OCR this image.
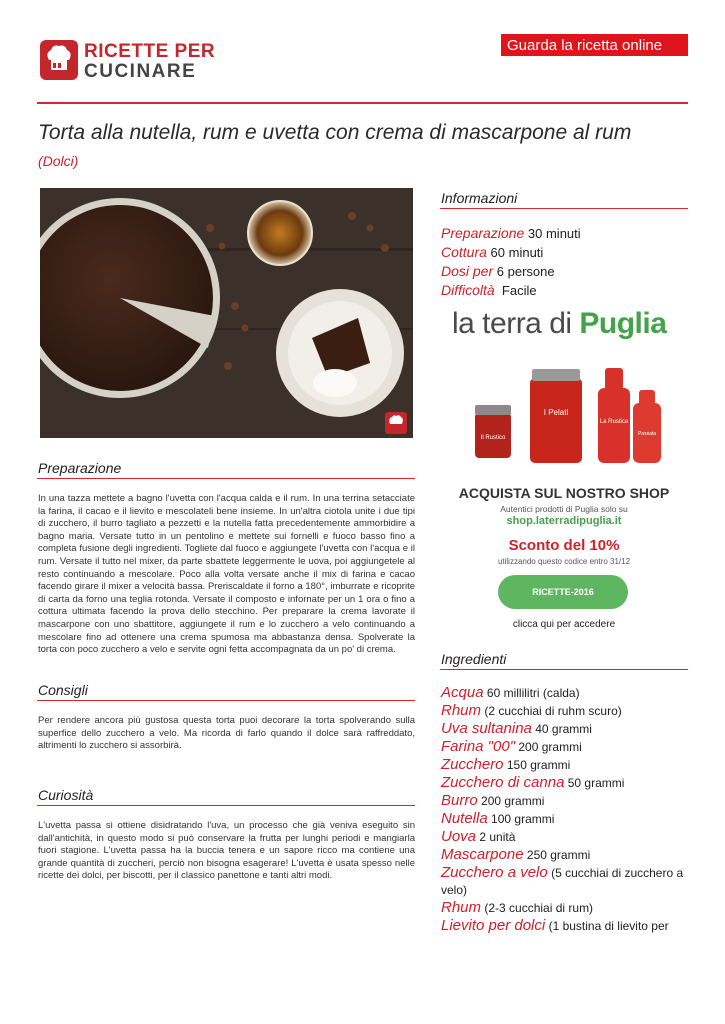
RICETTE PER
CUCINARE
Guarda la ricetta online
Torta alla nutella, rum e uvetta con crema di mascarpone al rum
(Dolci)
Preparazione
In una tazza mettete a bagno l'uvetta con l'acqua calda e il rum. In una terrina setacciate la farina, il cacao e il lievito e mescolateli bene insieme. In un'altra ciotola unite i due tipi di zucchero, il burro tagliato a pezzetti e la nutella fatta precedentemente ammorbidire a bagno maria. Versate tutto in un pentolino e mettete sui fornelli e fuoco basso fino a completa fusione degli ingredienti. Togliete dal fuoco e aggiungete l'uvetta con l'acqua e il rum. Versate il tutto nel mixer, da parte sbattete leggermente le uova, poi aggiungetele al resto continuando a mescolare. Poco alla volta versate anche il mix di farina e cacao facendo girare il mixer a velocità bassa. Preriscaldate il forno a 180°, imburrate e ricoprite di carta da forno una teglia rotonda. Versate il composto e infornate per un 1 ora o fino a cottura ultimata facendo la prova dello stecchino. Per preparare la crema lavorate il mascarpone con uno sbattitore, aggiungete il rum e lo zucchero a velo continuando a mescolare fino ad ottenere una crema spumosa ma abbastanza densa. Spolverate la torta con poco zucchero a velo e servite ogni fetta accompagnata da un po' di crema.
Consigli
Per rendere ancora più gustosa questa torta puoi decorare la torta spolverando sulla superfice dello zucchero a velo. Ma ricorda di farlo quando il dolce sarà raffreddato, altrimenti lo zucchero si assorbirà.
Curiosità
L'uvetta passa si ottiene disidratando l'uva, un processo che già veniva eseguito sin dall'antichità, in questo modo si può conservare la frutta per lunghi periodi e mangiarla fuori stagione. L'uvetta passa ha la buccia tenera e un sapore ricco ma contiene una grande quantità di zuccheri, perciò non bisogna esagerare! L'uvetta è usata spesso nelle ricette dei dolci, per biscotti, per il classico panettone e tanti altri modi.
Informazioni
Preparazione 30 minuti
Cottura 60 minuti
Dosi per 6 persone
Difficoltà Facile
la terra di Puglia
Il Rustico
I Pelati
La Rustica
Passata
ACQUISTA SUL NOSTRO SHOP
Autentici prodotti di Puglia solo su
shop.laterradipuglia.it
Sconto del 10%
utilizzando questo codice entro 31/12
RICETTE-2016
clicca qui per accedere
Ingredienti
Acqua 60 millilitri (calda)
Rhum (2 cucchiai di ruhm scuro)
Uva sultanina 40 grammi
Farina "00" 200 grammi
Zucchero 150 grammi
Zucchero di canna 50 grammi
Burro 200 grammi
Nutella 100 grammi
Uova 2 unità
Mascarpone 250 grammi
Zucchero a velo (5 cucchiai di zucchero a velo)
Rhum (2-3 cucchiai di rum)
Lievito per dolci (1 bustina di lievito per
